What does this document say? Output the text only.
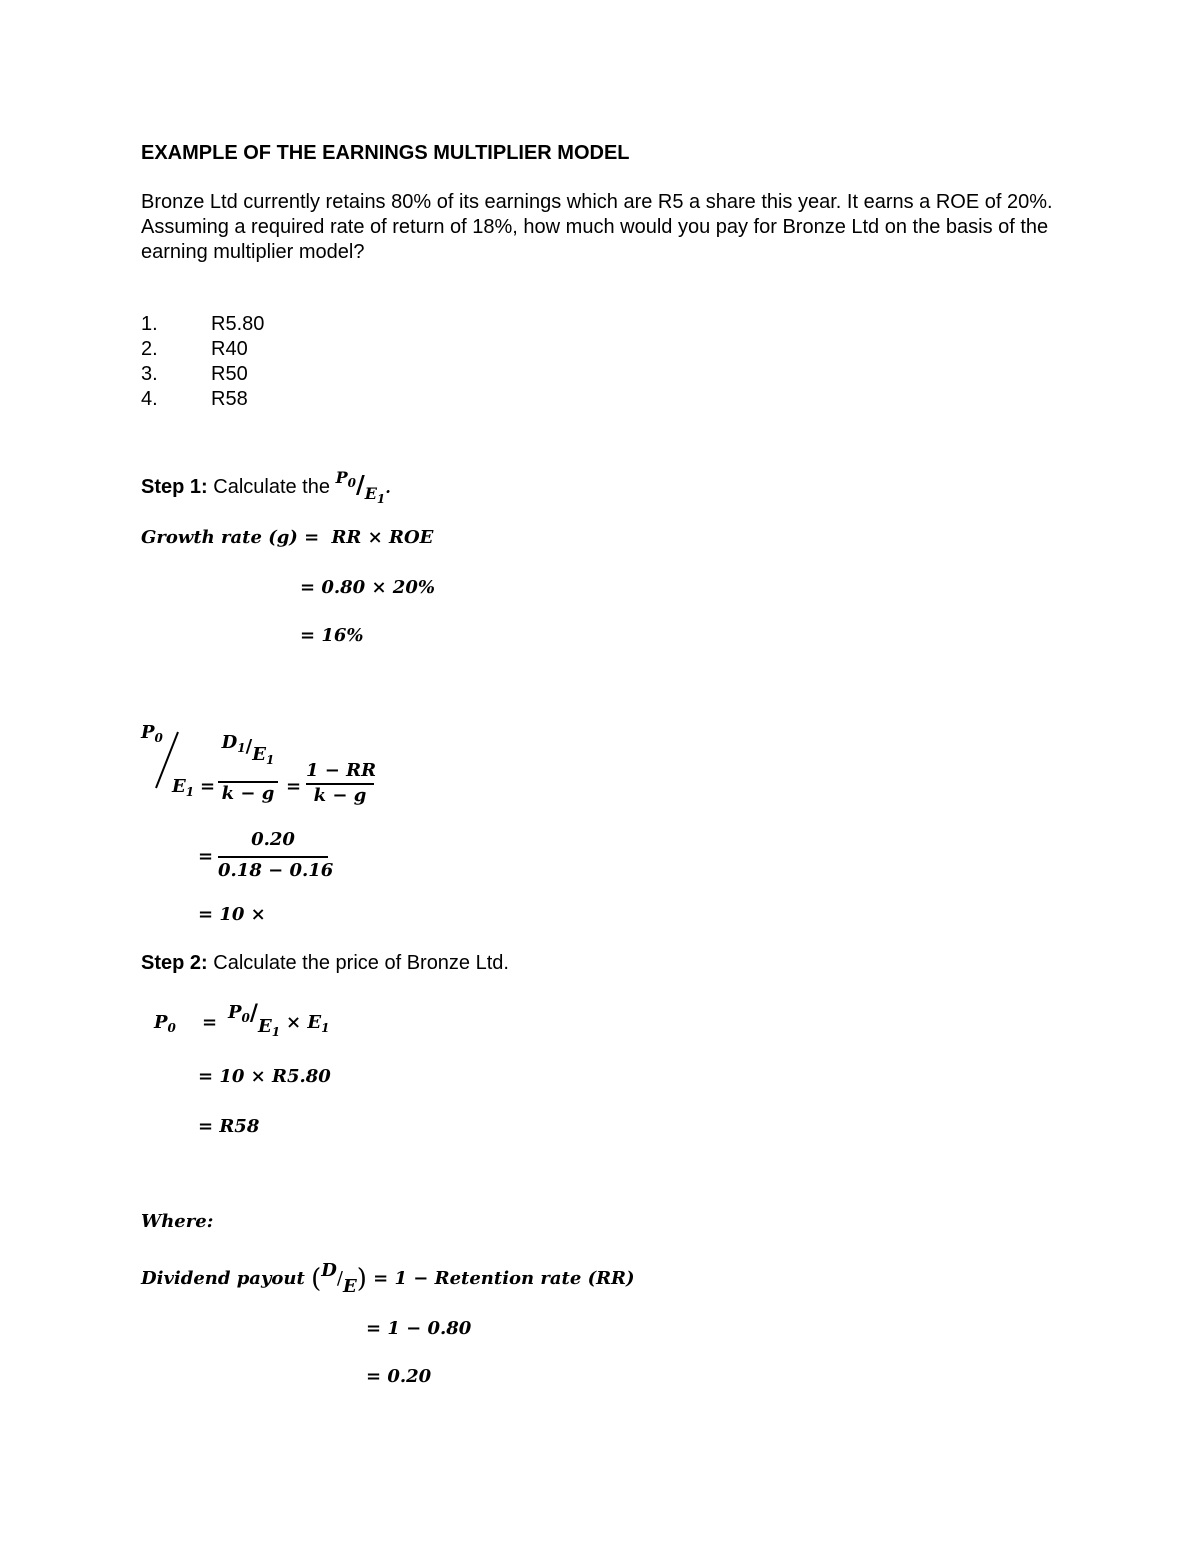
EXAMPLE OF THE EARNINGS MULTIPLIER MODEL
Bronze Ltd currently retains 80% of its earnings which are R5 a share this year. It earns a ROE of 20%. Assuming a required rate of return of 18%, how much would you pay for Bronze Ltd on the basis of the earning multiplier model?
1.	R5.80
2.	R40
3.	R50
4.	R58
Step 1: Calculate the $P_0/E_1$.
Growth rate (g) = RR × ROE
= 0.80 × 20%
= 16%
$P_0$
$E_1$ =
$D_1/E_1$
k − g =
1 − RR
k − g
=
0.20
0.18 − 0.16
= 10 ×
Step 2: Calculate the price of Bronze Ltd.
$P_0 = P_0/E_1 \times E_1$
= 10 × R5.80
= R58
Where:
Dividend payout (D/E) = 1 − Retention rate (RR)
= 1 − 0.80
= 0.20
